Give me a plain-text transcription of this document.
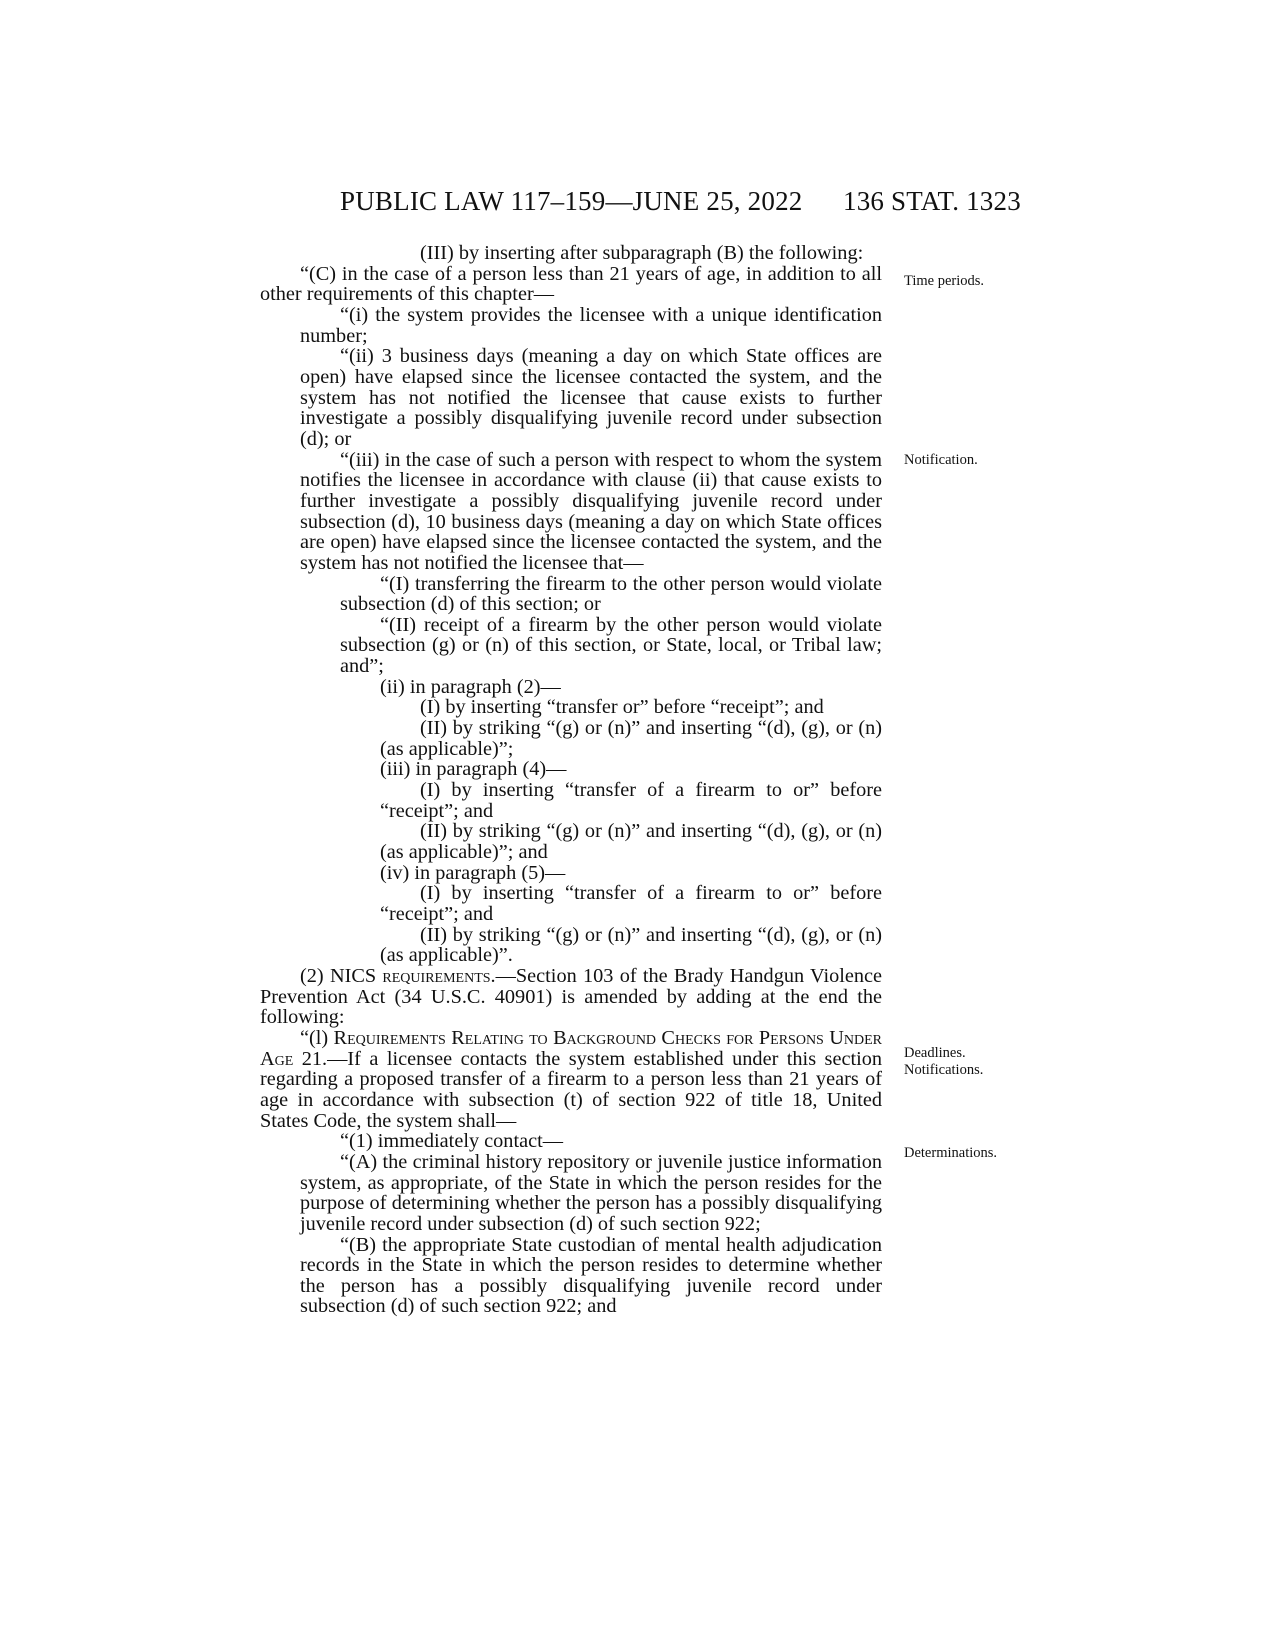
PUBLIC LAW 117–159—JUNE 25, 2022 136 STAT. 1323

(III) by inserting after subparagraph (B) the following:

“(C) in the case of a person less than 21 years of age, in addition to all other requirements of this chapter—

“(i) the system provides the licensee with a unique identification number;

“(ii) 3 business days (meaning a day on which State offices are open) have elapsed since the licensee contacted the system, and the system has not notified the licensee that cause exists to further investigate a possibly disqualifying juvenile record under subsection (d); or

“(iii) in the case of such a person with respect to whom the system notifies the licensee in accordance with clause (ii) that cause exists to further investigate a possibly disqualifying juvenile record under subsection (d), 10 business days (meaning a day on which State offices are open) have elapsed since the licensee contacted the system, and the system has not notified the licensee that—

“(I) transferring the firearm to the other person would violate subsection (d) of this section; or

“(II) receipt of a firearm by the other person would violate subsection (g) or (n) of this section, or State, local, or Tribal law; and”;

(ii) in paragraph (2)—

(I) by inserting “transfer or” before “receipt”; and

(II) by striking “(g) or (n)” and inserting “(d), (g), or (n) (as applicable)”;

(iii) in paragraph (4)—

(I) by inserting “transfer of a firearm to or” before “receipt”; and

(II) by striking “(g) or (n)” and inserting “(d), (g), or (n) (as applicable)”; and

(iv) in paragraph (5)—

(I) by inserting “transfer of a firearm to or” before “receipt”; and

(II) by striking “(g) or (n)” and inserting “(d), (g), or (n) (as applicable)”.

(2) NICS requirements.—Section 103 of the Brady Handgun Violence Prevention Act (34 U.S.C. 40901) is amended by adding at the end the following:

“(l) Requirements Relating to Background Checks for Persons Under Age 21.—If a licensee contacts the system established under this section regarding a proposed transfer of a firearm to a person less than 21 years of age in accordance with subsection (t) of section 922 of title 18, United States Code, the system shall—

“(1) immediately contact—

“(A) the criminal history repository or juvenile justice information system, as appropriate, of the State in which the person resides for the purpose of determining whether the person has a possibly disqualifying juvenile record under subsection (d) of such section 922;

“(B) the appropriate State custodian of mental health adjudication records in the State in which the person resides to determine whether the person has a possibly disqualifying juvenile record under subsection (d) of such section 922; and

Time periods.
Notification.
Deadlines.
Notifications.
Determinations.
